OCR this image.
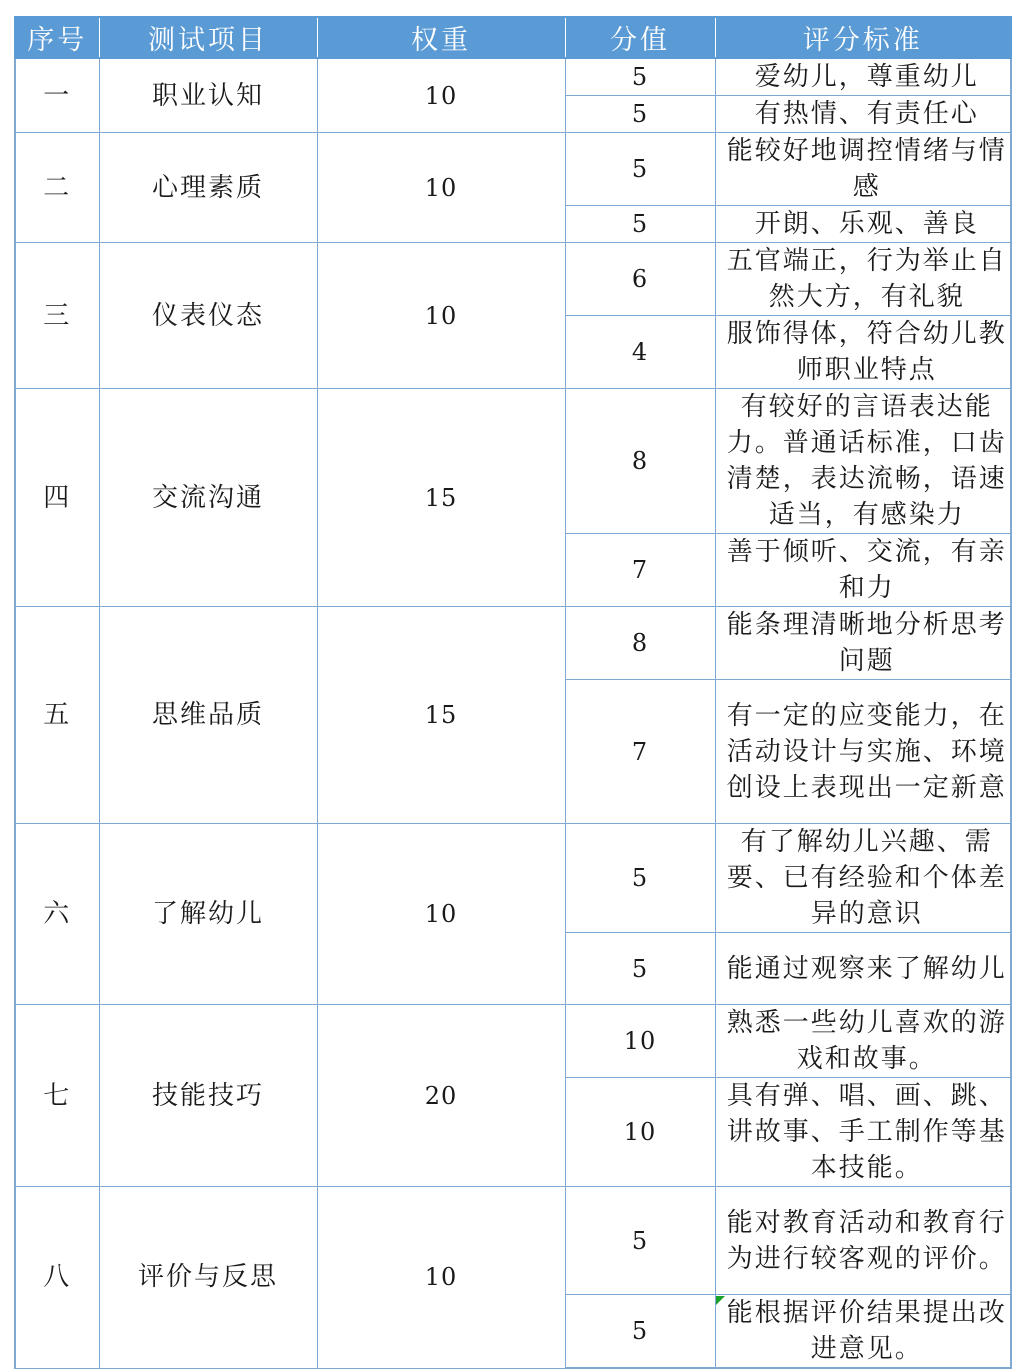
序号	测试项目	权重	分值	评分标准
一	职业认知	10	5	爱幼儿，尊重幼儿
			5	有热情、有责任心
二	心理素质	10	5	能较好地调控情绪与情感
			5	开朗、乐观、善良
三	仪表仪态	10	6	五官端正，行为举止自然大方，有礼貌
			4	服饰得体，符合幼儿教师职业特点
四	交流沟通	15	8	有较好的言语表达能力。普通话标准，口齿清楚，表达流畅，语速适当，有感染力
			7	善于倾听、交流，有亲和力
五	思维品质	15	8	能条理清晰地分析思考问题
			7	有一定的应变能力，在活动设计与实施、环境创设上表现出一定新意
六	了解幼儿	10	5	有了解幼儿兴趣、需要、已有经验和个体差异的意识
			5	能通过观察来了解幼儿
七	技能技巧	20	10	熟悉一些幼儿喜欢的游戏和故事。
			10	具有弹、唱、画、跳、讲故事、手工制作等基本技能。
八	评价与反思	10	5	能对教育活动和教育行为进行较客观的评价。
			5	能根据评价结果提出改进意见。
